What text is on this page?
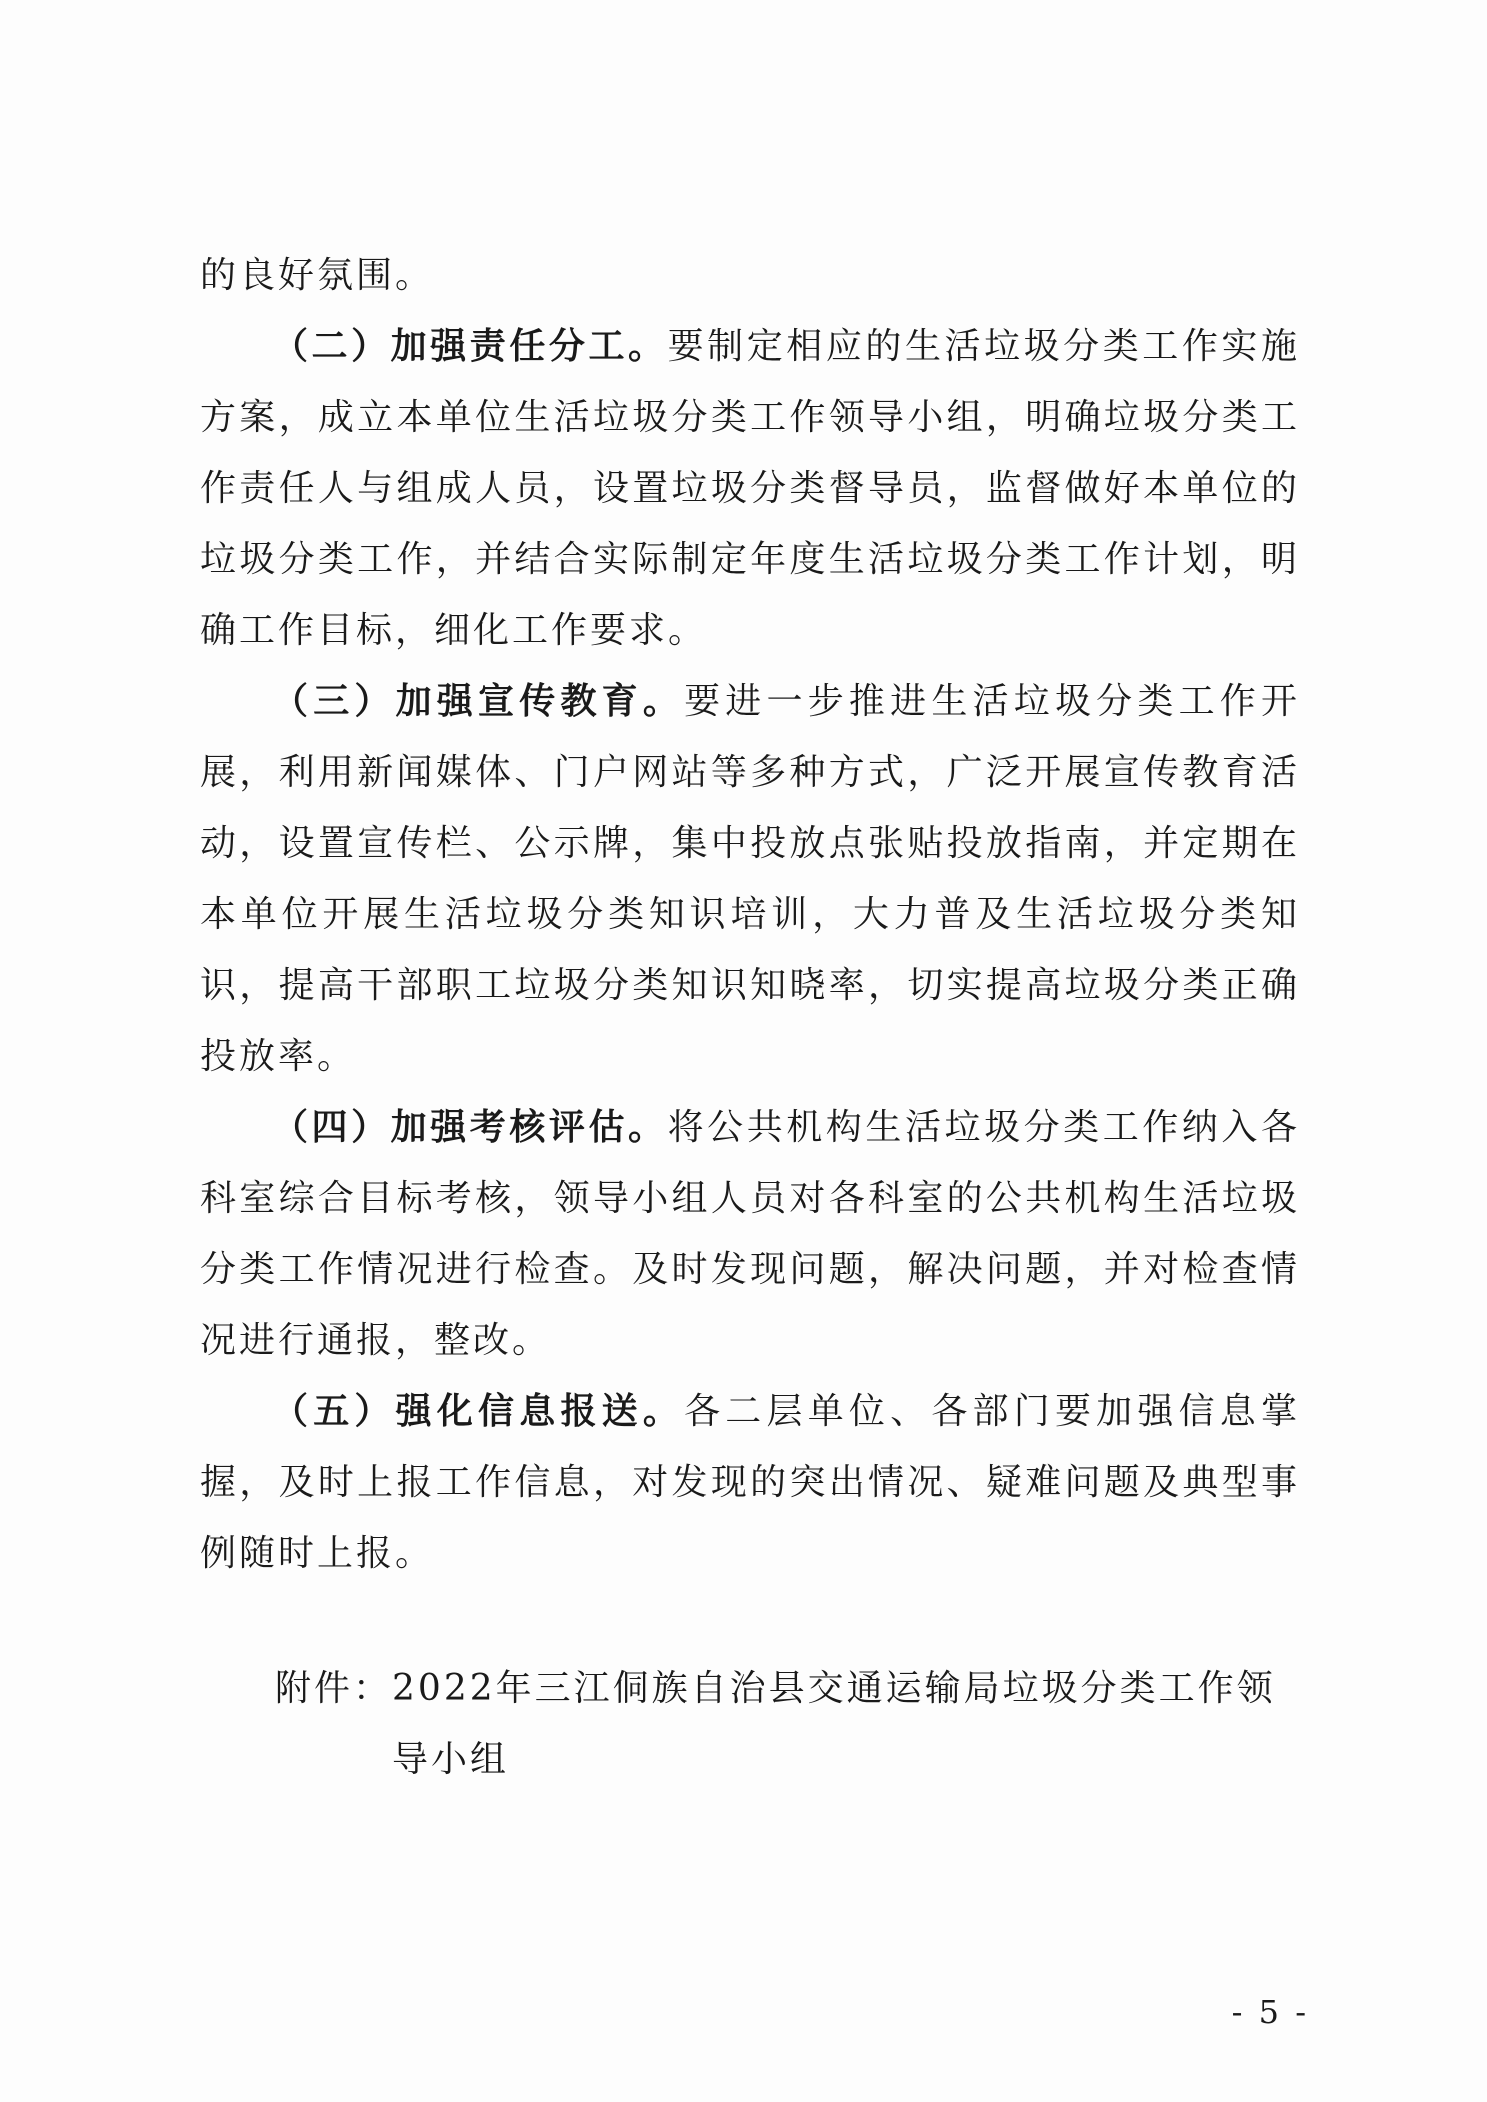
的良好氛围。

（二）加强责任分工。要制定相应的生活垃圾分类工作实施方案，成立本单位生活垃圾分类工作领导小组，明确垃圾分类工作责任人与组成人员，设置垃圾分类督导员，监督做好本单位的垃圾分类工作，并结合实际制定年度生活垃圾分类工作计划，明确工作目标，细化工作要求。

（三）加强宣传教育。要进一步推进生活垃圾分类工作开展，利用新闻媒体、门户网站等多种方式，广泛开展宣传教育活动，设置宣传栏、公示牌，集中投放点张贴投放指南，并定期在本单位开展生活垃圾分类知识培训，大力普及生活垃圾分类知识，提高干部职工垃圾分类知识知晓率，切实提高垃圾分类正确投放率。

（四）加强考核评估。将公共机构生活垃圾分类工作纳入各科室综合目标考核，领导小组人员对各科室的公共机构生活垃圾分类工作情况进行检查。及时发现问题，解决问题，并对检查情况进行通报，整改。

（五）强化信息报送。各二层单位、各部门要加强信息掌握，及时上报工作信息，对发现的突出情况、疑难问题及典型事例随时上报。

附件： 2022年三江侗族自治县交通运输局垃圾分类工作领导小组
- 5 -
